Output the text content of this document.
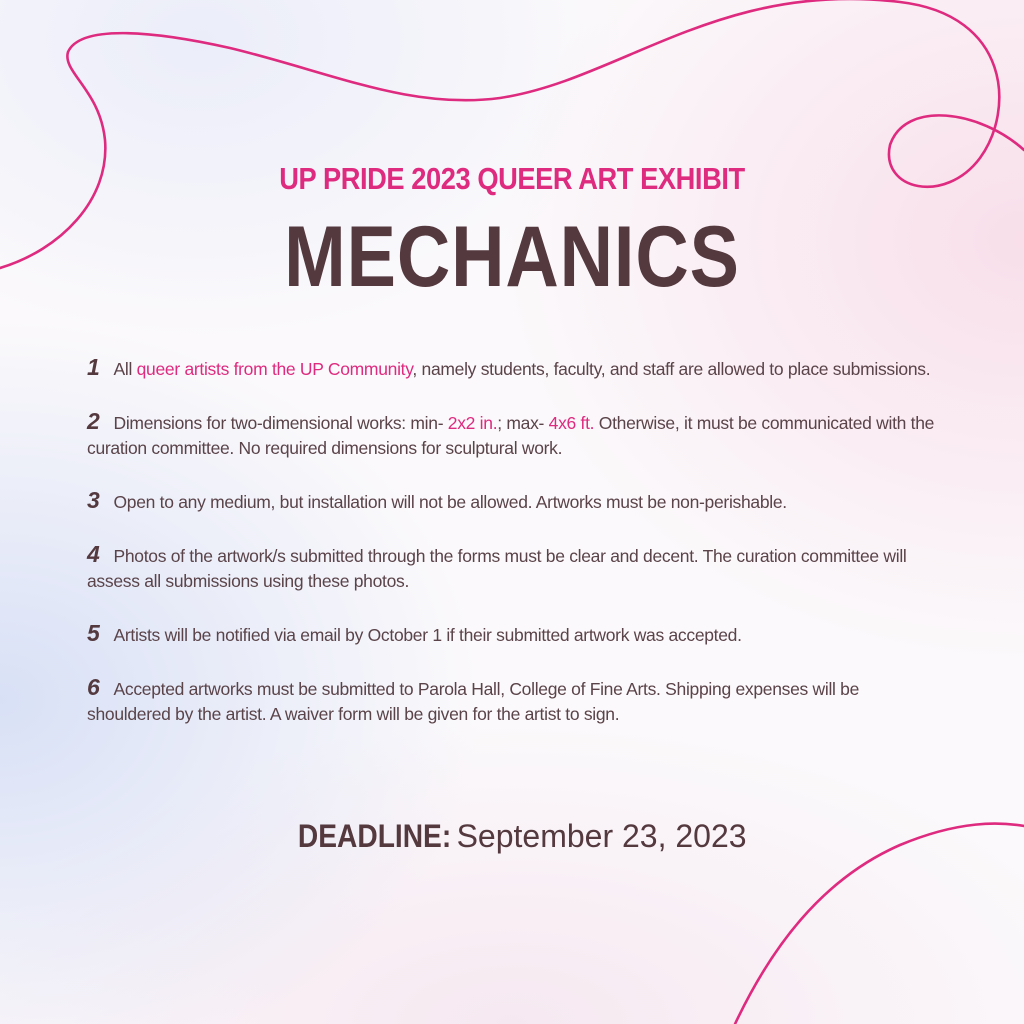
UP PRIDE 2023 QUEER ART EXHIBIT
MECHANICS

1 All queer artists from the UP Community, namely students, faculty, and staff are allowed to place submissions.

2 Dimensions for two-dimensional works: min- 2x2 in.; max- 4x6 ft. Otherwise, it must be communicated with the curation committee. No required dimensions for sculptural work.

3 Open to any medium, but installation will not be allowed. Artworks must be non-perishable.

4 Photos of the artwork/s submitted through the forms must be clear and decent. The curation committee will assess all submissions using these photos.

5 Artists will be notified via email by October 1 if their submitted artwork was accepted.

6 Accepted artworks must be submitted to Parola Hall, College of Fine Arts. Shipping expenses will be shouldered by the artist. A waiver form will be given for the artist to sign.

DEADLINE: September 23, 2023
